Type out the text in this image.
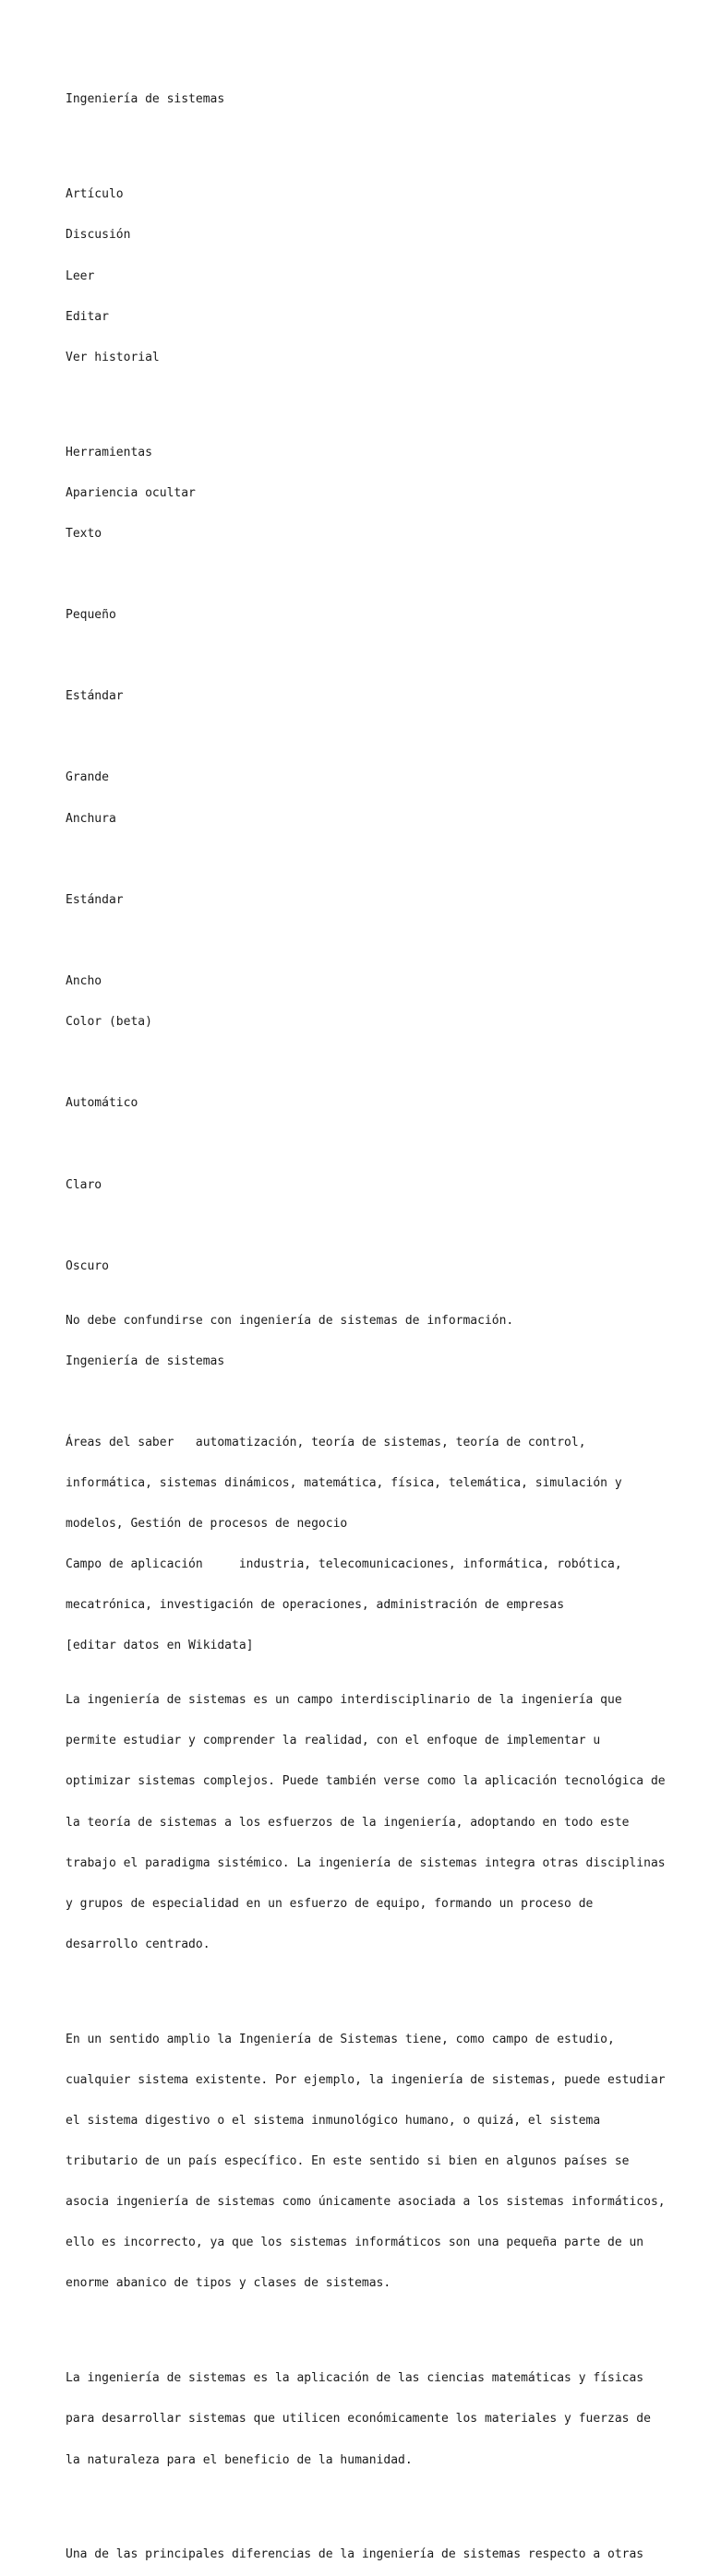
Ingeniería de sistemas

Artículo

Discusión

Leer

Editar

Ver historial

Herramientas

Apariencia ocultar

Texto

Pequeño

Estándar

Grande

Anchura

Estándar

Ancho

Color (beta)

Automático

Claro

Oscuro

No debe confundirse con ingeniería de sistemas de información.

Ingeniería de sistemas

Áreas del saber   automatización, teoría de sistemas, teoría de control,

informática, sistemas dinámicos, matemática, física, telemática, simulación y

modelos, Gestión de procesos de negocio

Campo de aplicación     industria, telecomunicaciones, informática, robótica,

mecatrónica, investigación de operaciones, administración de empresas

[editar datos en Wikidata]

La ingeniería de sistemas es un campo interdisciplinario de la ingeniería que

permite estudiar y comprender la realidad, con el enfoque de implementar u

optimizar sistemas complejos. Puede también verse como la aplicación tecnológica de

la teoría de sistemas a los esfuerzos de la ingeniería, adoptando en todo este

trabajo el paradigma sistémico. La ingeniería de sistemas integra otras disciplinas

y grupos de especialidad en un esfuerzo de equipo, formando un proceso de

desarrollo centrado.

En un sentido amplio la Ingeniería de Sistemas tiene, como campo de estudio,

cualquier sistema existente. Por ejemplo, la ingeniería de sistemas, puede estudiar

el sistema digestivo o el sistema inmunológico humano, o quizá, el sistema

tributario de un país específico. En este sentido si bien en algunos países se

asocia ingeniería de sistemas como únicamente asociada a los sistemas informáticos,

ello es incorrecto, ya que los sistemas informáticos son una pequeña parte de un

enorme abanico de tipos y clases de sistemas.

La ingeniería de sistemas es la aplicación de las ciencias matemáticas y físicas

para desarrollar sistemas que utilicen económicamente los materiales y fuerzas de

la naturaleza para el beneficio de la humanidad.

Una de las principales diferencias de la ingeniería de sistemas respecto a otras
